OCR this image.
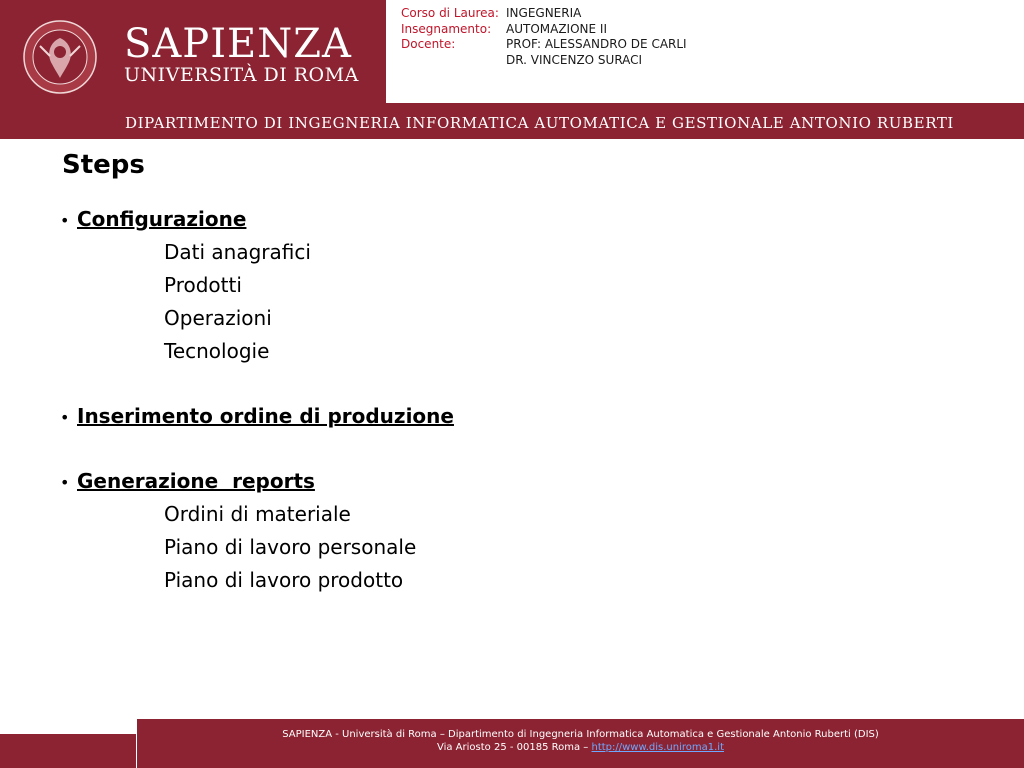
SAPIENZA
UNIVERSITÀ DI ROMA
Corso di Laurea: INGEGNERIA
Insegnamento:	AUTOMAZIONE II
Docente:	PROF: ALESSANDRO DE CARLI
DR. VINCENZO SURACI
DIPARTIMENTO DI INGEGNERIA INFORMATICA AUTOMATICA E GESTIONALE ANTONIO RUBERTI
Steps
• Configurazione
Dati anagrafici
Prodotti
Operazioni
Tecnologie
• Inserimento ordine di produzione
• Generazione  reports
Ordini di materiale
Piano di lavoro personale
Piano di lavoro prodotto
SAPIENZA - Università di Roma – Dipartimento di Ingegneria Informatica Automatica e Gestionale Antonio Ruberti (DIS)
Via Ariosto 25 - 00185 Roma – http://www.dis.uniroma1.it
